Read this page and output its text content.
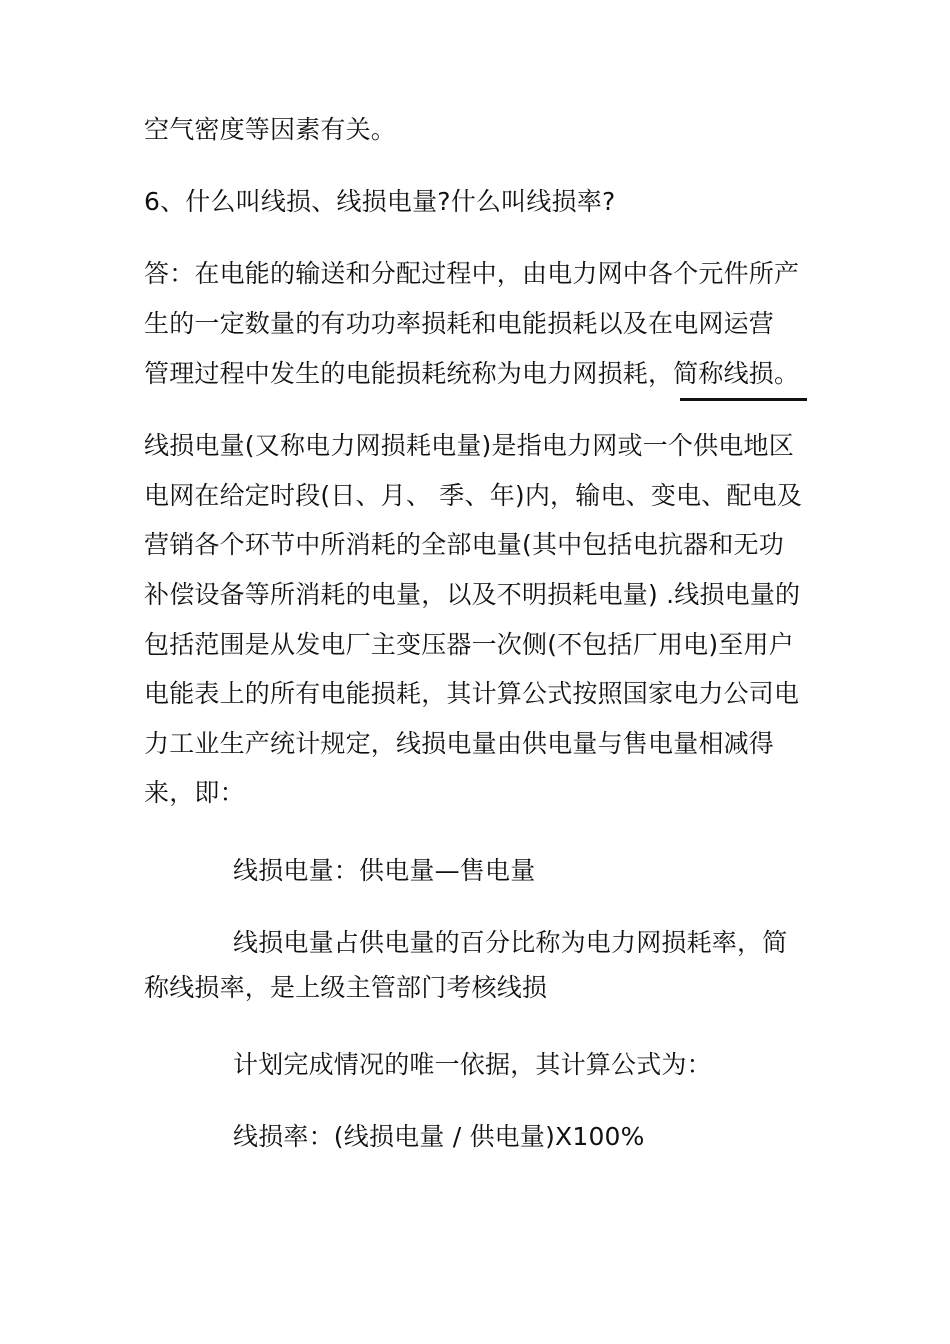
空气密度等因素有关。
6、什么叫线损、线损电量?什么叫线损率?
答：在电能的输送和分配过程中，由电力网中各个元件所产
生的一定数量的有功功率损耗和电能损耗以及在电网运营
管理过程中发生的电能损耗统称为电力网损耗，简称线损。
线损电量(又称电力网损耗电量)是指电力网或一个供电地区
电网在给定时段(日、月、 季、年)内，输电、变电、配电及
营销各个环节中所消耗的全部电量(其中包括电抗器和无功
补偿设备等所消耗的电量，以及不明损耗电量) .线损电量的
包括范围是从发电厂主变压器一次侧(不包括厂用电)至用户
电能表上的所有电能损耗，其计算公式按照国家电力公司电
力工业生产统计规定，线损电量由供电量与售电量相减得
来，即：
线损电量：供电量—售电量
线损电量占供电量的百分比称为电力网损耗率，简
称线损率，是上级主管部门考核线损
计划完成情况的唯一依据，其计算公式为：
线损率：(线损电量 / 供电量)X100%
